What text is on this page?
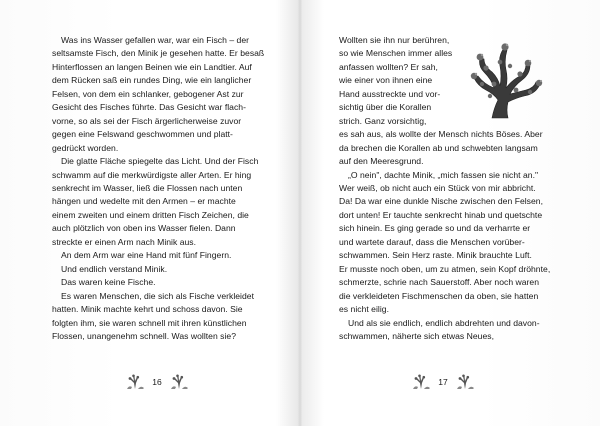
Was ins Wasser gefallen war, war ein Fisch – der

seltsamste Fisch, den Minik je gesehen hatte. Er besaß

Hinterflossen an langen Beinen wie ein Landtier. Auf

dem Rücken saß ein rundes Ding, wie ein langlicher

Felsen, von dem ein schlanker, gebogener Ast zur

Gesicht des Fisches führte. Das Gesicht war flach-

vorne, so als sei der Fisch ärgerlicherweise zuvor

gegen eine Felswand geschwommen und platt-

gedrückt worden.

Die glatte Fläche spiegelte das Licht. Und der Fisch

schwamm auf die merkwürdigste aller Arten. Er hing

senkrecht im Wasser, ließ die Flossen nach unten

hängen und wedelte mit den Armen – er machte

einem zweiten und einem dritten Fisch Zeichen, die

auch plötzlich von oben ins Wasser fielen. Dann

streckte er einen Arm nach Minik aus.

An dem Arm war eine Hand mit fünf Fingern.

Und endlich verstand Minik.

Das waren keine Fische.

Es waren Menschen, die sich als Fische verkleidet

hatten. Minik machte kehrt und schoss davon. Sie

folgten ihm, sie waren schnell mit ihren künstlichen

Flossen, unangenehm schnell. Was wollten sie?

16

Wollten sie ihn nur berühren,

so wie Menschen immer alles

anfassen wollten? Er sah,

wie einer von ihnen eine

Hand ausstreckte und vor-

sichtig über die Korallen

strich. Ganz vorsichtig,

es sah aus, als wollte der Mensch nichts Böses. Aber

da brechen die Korallen ab und schwebten langsam

auf den Meeresgrund.

„O nein", dachte Minik, „mich fassen sie nicht an."

Wer weiß, ob nicht auch ein Stück von mir abbricht.

Da! Da war eine dunkle Nische zwischen den Felsen,

dort unten! Er tauchte senkrecht hinab und quetschte

sich hinein. Es ging gerade so und da verharrte er

und wartete darauf, dass die Menschen vorüber-

schwammen. Sein Herz raste. Minik brauchte Luft.

Er musste noch oben, um zu atmen, sein Kopf dröhnte,

schmerzte, schrie nach Sauerstoff. Aber noch waren

die verkleideten Fischmenschen da oben, sie hatten

es nicht eilig.

Und als sie endlich, endlich abdrehten und davon-

schwammen, näherte sich etwas Neues,

17
